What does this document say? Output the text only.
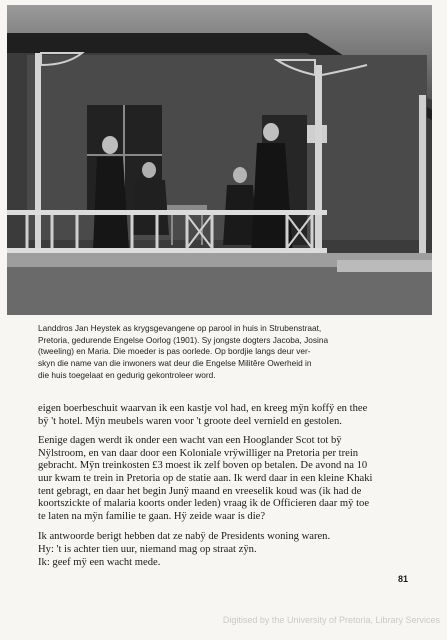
Landdros Jan Heystek as krygsgevangene op parool in huis in Strubenstraat,

Pretoria, gedurende Engelse Oorlog (1901). Sy jongste dogters Jacoba, Josina

(tweeling) en Maria. Die moeder is pas oorlede. Op bordjie langs deur ver-

skyn die name van die inwoners wat deur die Engelse Militêre Owerheid in

die huis toegelaat en gedurig gekontroleer word.

eigen boerbeschuit waarvan ik een kastje vol had, en kreeg mÿn koffÿ en thee

bÿ 't hotel. Mÿn meubels waren voor 't groote deel vernield en gestolen.

Eenige dagen werdt ik onder een wacht van een Hooglander Scot tot bÿ

Nÿlstroom, en van daar door een Koloniale vrÿwilliger na Pretoria per trein

gebracht. Mÿn treinkosten £3 moest ik zelf boven op betalen. De avond na 10

uur kwam te trein in Pretoria op de statie aan. Ik werd daar in een kleine Khaki

tent gebragt, en daar het begin Junÿ maand en vreeselik koud was (ik had de

koortszickte of malaria koorts onder leden) vraag ik de Officieren daar mÿ toe

te laten na mÿn familie te gaan. Hÿ zeide waar is die?

Ik antwoorde berigt hebben dat ze nabÿ de Presidents woning waren.

Hy: 't is achter tien uur, niemand mag op straat zÿn.

Ik: geef mÿ een wacht mede.

81
Digitised by the University of Pretoria, Library Services
